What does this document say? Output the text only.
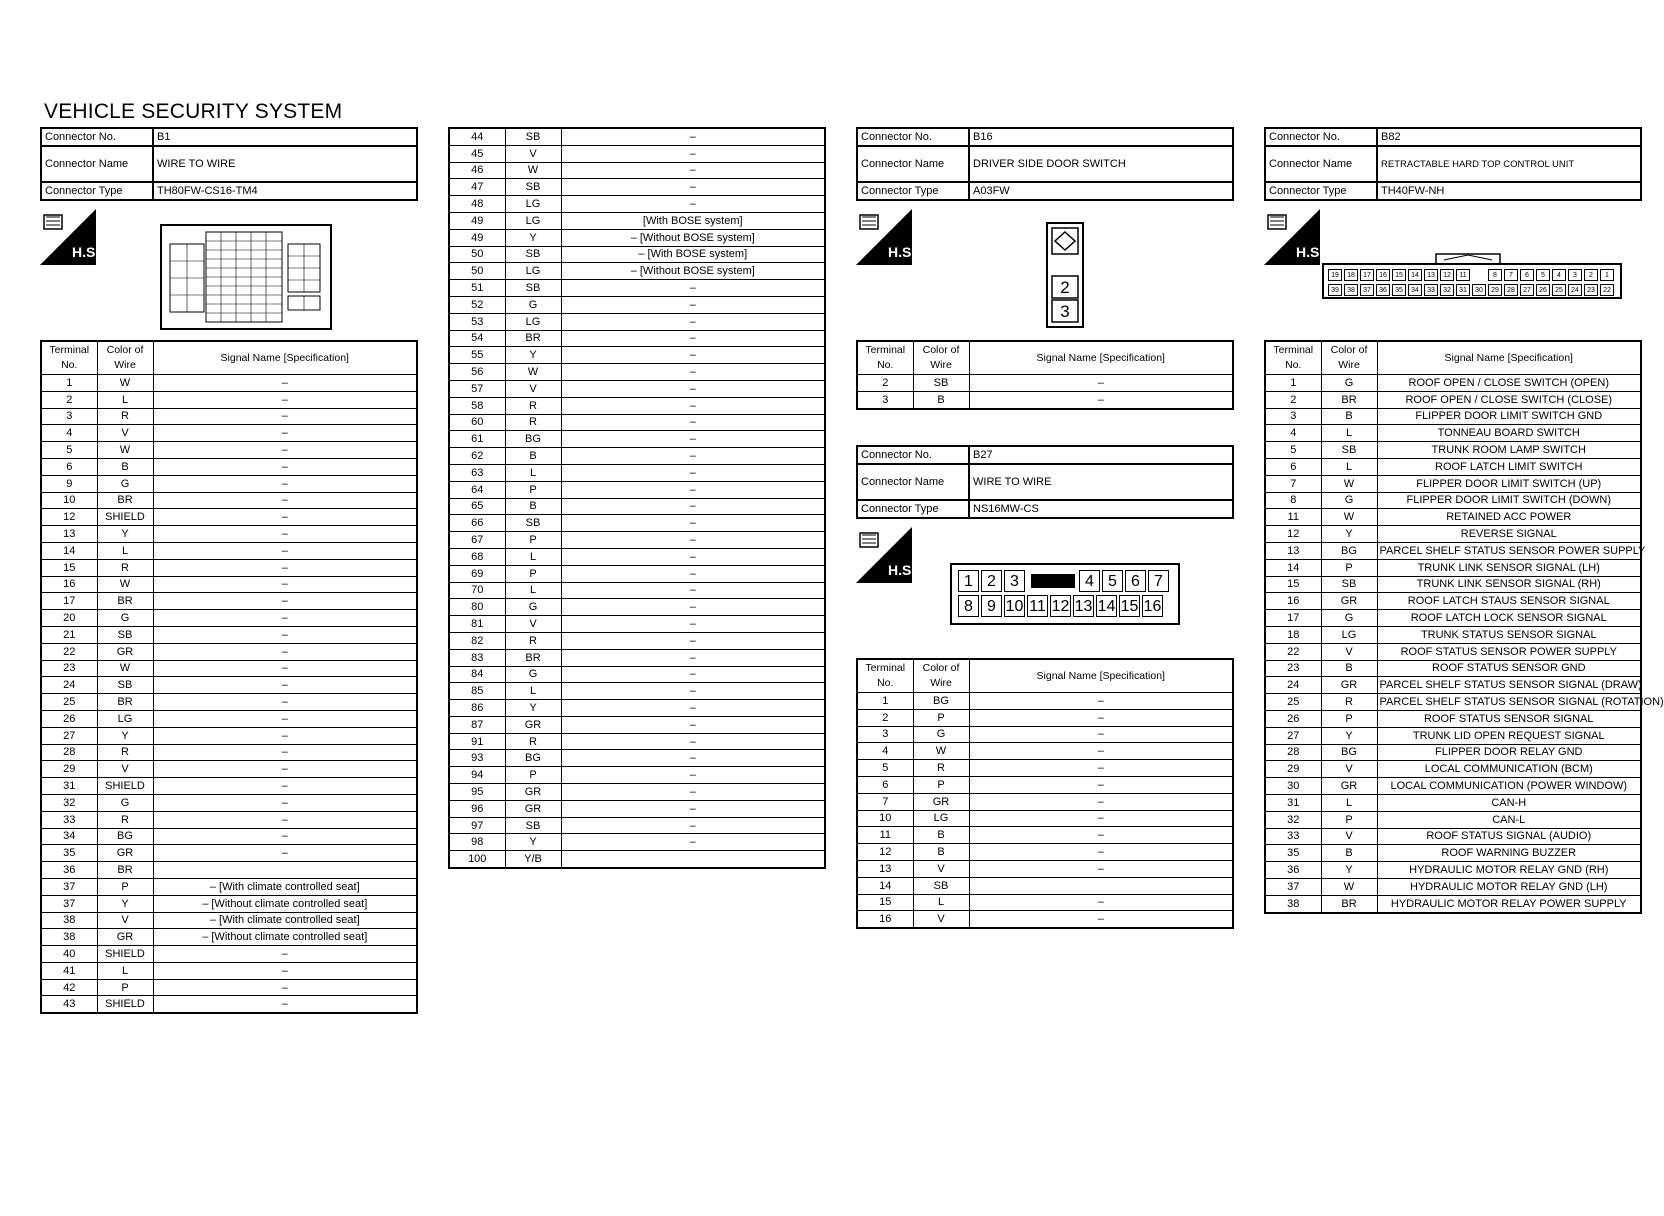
VEHICLE SECURITY SYSTEM
Connector No.	B1
Connector Name	WIRE TO WIRE
Connector Type	TH80FW-CS16-TM4
H.S.
Terminal No.	Color of Wire	Signal Name [Specification]
1	W	–
2	L	–
3	R	–
4	V	–
5	W	–
6	B	–
9	G	–
10	BR	–
12	SHIELD	–
13	Y	–
14	L	–
15	R	–
16	W	–
17	BR	–
20	G	–
21	SB	–
22	GR	–
23	W	–
24	SB	–
25	BR	–
26	LG	–
27	Y	–
28	R	–
29	V	–
31	SHIELD	–
32	G	–
33	R	–
34	BG	–
35	GR	–
36	BR	
37	P	– [With climate controlled seat]
37	Y	– [Without climate controlled seat]
38	V	– [With climate controlled seat]
38	GR	– [Without climate controlled seat]
40	SHIELD	–
41	L	–
42	P	–
43	SHIELD	–
44	SB	–
45	V	–
46	W	–
47	SB	–
48	LG	–
49	LG	[With BOSE system]
49	Y	– [Without BOSE system]
50	SB	– [With BOSE system]
50	LG	– [Without BOSE system]
51	SB	–
52	G	–
53	LG	–
54	BR	–
55	Y	–
56	W	–
57	V	–
58	R	–
60	R	–
61	BG	–
62	B	–
63	L	–
64	P	–
65	B	–
66	SB	–
67	P	–
68	L	–
69	P	–
70	L	–
80	G	–
81	V	–
82	R	–
83	BR	–
84	G	–
85	L	–
86	Y	–
87	GR	–
91	R	–
93	BG	–
94	P	–
95	GR	–
96	GR	–
97	SB	–
98	Y	–
100	Y/B	
Connector No.	B16
Connector Name	DRIVER SIDE DOOR SWITCH
Connector Type	A03FW
H.S.
2
3
Terminal No.	Color of Wire	Signal Name [Specification]
2	SB	–
3	B	–
Connector No.	B27
Connector Name	WIRE TO WIRE
Connector Type	NS16MW-CS
H.S.
1 2 3	4 5 6 7
8 9 10 11 12 13 14 15 16
Terminal No.	Color of Wire	Signal Name [Specification]
1	BG	–
2	P	–
3	G	–
4	W	–
5	R	–
6	P	–
7	GR	–
10	LG	–
11	B	–
12	B	–
13	V	–
14	SB	
15	L	–
16	V	–
Connector No.	B82
Connector Name	RETRACTABLE HARD TOP CONTROL UNIT
Connector Type	TH40FW-NH
H.S.
19	18	17	16	15	14	13	12	11	8	7	6	5	4	3	2	1
39	38	37	36	35	34	33	32	31	30	29	28	27	26	25	24	23	22
Terminal No.	Color of Wire	Signal Name [Specification]
1	G	ROOF OPEN / CLOSE SWITCH (OPEN)
2	BR	ROOF OPEN / CLOSE SWITCH (CLOSE)
3	B	FLIPPER DOOR LIMIT SWITCH GND
4	L	TONNEAU BOARD SWITCH
5	SB	TRUNK ROOM LAMP SWITCH
6	L	ROOF LATCH LIMIT SWITCH
7	W	FLIPPER DOOR LIMIT SWITCH (UP)
8	G	FLIPPER DOOR LIMIT SWITCH (DOWN)
11	W	RETAINED ACC POWER
12	Y	REVERSE SIGNAL
13	BG	PARCEL SHELF STATUS SENSOR POWER SUPPLY
14	P	TRUNK LINK SENSOR SIGNAL (LH)
15	SB	TRUNK LINK SENSOR SIGNAL (RH)
16	GR	ROOF LATCH STAUS SENSOR SIGNAL
17	G	ROOF LATCH LOCK SENSOR SIGNAL
18	LG	TRUNK STATUS SENSOR SIGNAL
22	V	ROOF STATUS SENSOR POWER SUPPLY
23	B	ROOF STATUS SENSOR GND
24	GR	PARCEL SHELF STATUS SENSOR SIGNAL (DRAW)
25	R	PARCEL SHELF STATUS SENSOR SIGNAL (ROTATION)
26	P	ROOF STATUS SENSOR SIGNAL
27	Y	TRUNK LID OPEN REQUEST SIGNAL
28	BG	FLIPPER DOOR RELAY GND
29	V	LOCAL COMMUNICATION (BCM)
30	GR	LOCAL COMMUNICATION (POWER WINDOW)
31	L	CAN-H
32	P	CAN-L
33	V	ROOF STATUS SIGNAL (AUDIO)
35	B	ROOF WARNING BUZZER
36	Y	HYDRAULIC MOTOR RELAY GND (RH)
37	W	HYDRAULIC MOTOR RELAY GND (LH)
38	BR	HYDRAULIC MOTOR RELAY POWER SUPPLY
